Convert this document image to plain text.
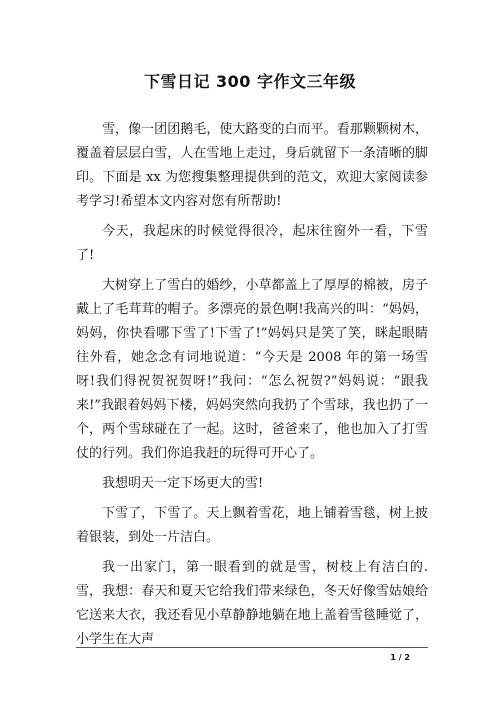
下雪日记 300 字作文三年级

雪，像一团团鹅毛，使大路变的白而平。看那颗颗树木，覆盖着层层白雪，人在雪地上走过，身后就留下一条清晰的脚印。下面是 xx 为您搜集整理提供到的范文，欢迎大家阅读参考学习!希望本文内容对您有所帮助!

今天，我起床的时候觉得很冷，起床往窗外一看，下雪了!

大树穿上了雪白的婚纱，小草都盖上了厚厚的棉被，房子戴上了毛茸茸的帽子。多漂亮的景色啊!我高兴的叫：“妈妈，妈妈，你快看哪下雪了!下雪了!”妈妈只是笑了笑，眯起眼睛往外看，她念念有词地说道：“今天是 2008 年的第一场雪呀!我们得祝贺祝贺呀!”我问：“怎么祝贺?”妈妈说：“跟我来!”我跟着妈妈下楼，妈妈突然向我扔了个雪球，我也扔了一个，两个雪球碰在了一起。这时，爸爸来了，他也加入了打雪仗的行列。我们你追我赶的玩得可开心了。

我想明天一定下场更大的雪!

下雪了，下雪了。天上飘着雪花，地上铺着雪毯，树上披着银装，到处一片洁白。

我一出家门，第一眼看到的就是雪，树枝上有洁白的.雪，我想：春天和夏天它给我们带来绿色，冬天好像雪姑娘给它送来大衣，我还看见小草静静地躺在地上盖着雪毯睡觉了，小学生在大声

1 / 2
